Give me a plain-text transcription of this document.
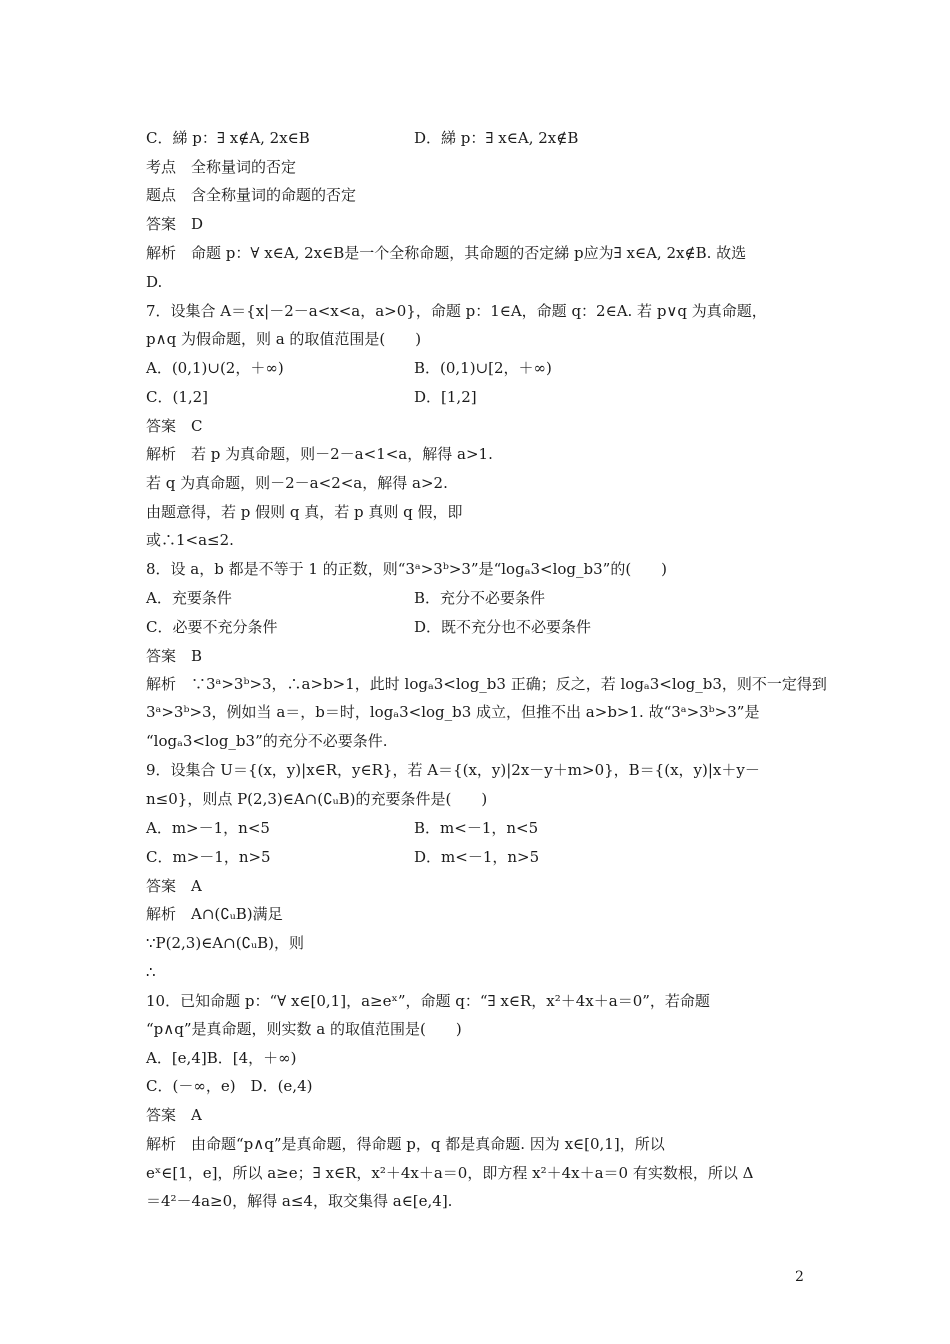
C．綈 p：∃ x∉A, 2x∈B	D．綈 p：∃ x∈A, 2x∉B
考点　全称量词的否定
题点　含全称量词的命题的否定
答案　D
解析　命题 p：∀ x∈A, 2x∈B是一个全称命题，其命题的否定綈 p应为∃ x∈A, 2x∉B. 故选
D.
7．设集合 A＝{x|－2－a<x<a，a>0}，命题 p：1∈A，命题 q：2∈A. 若 p∨q 为真命题，
p∧q 为假命题，则 a 的取值范围是(　　)
A．(0,1)∪(2，＋∞)	B．(0,1)∪[2，＋∞)
C．(1,2]	D．[1,2]
答案　C
解析　若 p 为真命题，则－2－a<1<a，解得 a>1.
若 q 为真命题，则－2－a<2<a，解得 a>2.
由题意得，若 p 假则 q 真，若 p 真则 q 假，即
或∴1<a≤2.
8．设 a，b 都是不等于 1 的正数，则“3ᵃ>3ᵇ>3”是“logₐ3<log_b3”的(　　)
A．充要条件	B．充分不必要条件
C．必要不充分条件	D．既不充分也不必要条件
答案　B
解析　∵3ᵃ>3ᵇ>3，∴a>b>1，此时 logₐ3<log_b3 正确；反之，若 logₐ3<log_b3，则不一定得到
3ᵃ>3ᵇ>3，例如当 a＝，b＝时，logₐ3<log_b3 成立，但推不出 a>b>1. 故“3ᵃ>3ᵇ>3”是
“logₐ3<log_b3”的充分不必要条件.
9．设集合 U＝{(x，y)|x∈R，y∈R}，若 A＝{(x，y)|2x－y＋m>0}，B＝{(x，y)|x＋y－
n≤0}，则点 P(2,3)∈A∩(∁ᵤB)的充要条件是(　　)
A．m>－1，n<5	B．m<－1，n<5
C．m>－1，n>5	D．m<－1，n>5
答案　A
解析　A∩(∁ᵤB)满足
∵P(2,3)∈A∩(∁ᵤB)，则
∴
10．已知命题 p：“∀ x∈[0,1]，a≥eˣ”，命题 q：“∃ x∈R，x²＋4x＋a＝0”，若命题
“p∧q”是真命题，则实数 a 的取值范围是(　　)
A．[e,4]B．[4，＋∞)
C．(－∞，e)　D．(e,4)
答案　A
解析　由命题“p∧q”是真命题，得命题 p，q 都是真命题. 因为 x∈[0,1]，所以
eˣ∈[1，e]，所以 a≥e；∃ x∈R，x²＋4x＋a＝0，即方程 x²＋4x＋a＝0 有实数根，所以 Δ
＝4²－4a≥0，解得 a≤4，取交集得 a∈[e,4].
2
